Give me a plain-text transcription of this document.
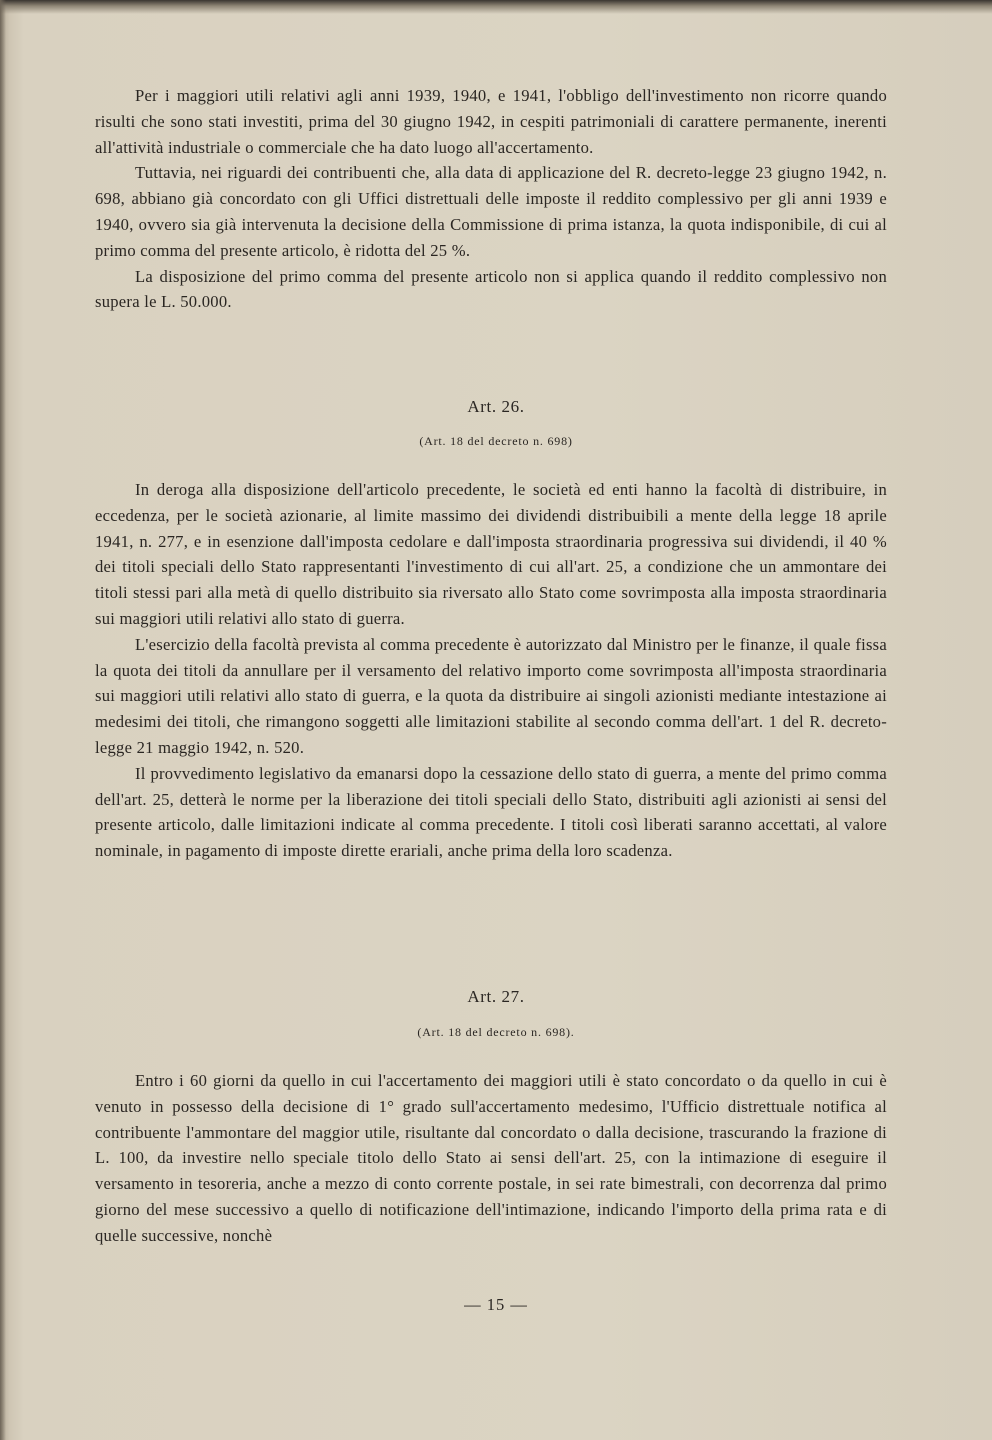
Per i maggiori utili relativi agli anni 1939, 1940, e 1941, l'obbligo dell'investimento non ricorre quando risulti che sono stati investiti, prima del 30 giugno 1942, in cespiti patrimoniali di carattere permanente, inerenti all'attività industriale o commerciale che ha dato luogo all'accertamento.

Tuttavia, nei riguardi dei contribuenti che, alla data di applicazione del R. decreto-legge 23 giugno 1942, n. 698, abbiano già concordato con gli Uffici distrettuali delle imposte il reddito complessivo per gli anni 1939 e 1940, ovvero sia già intervenuta la decisione della Commissione di prima istanza, la quota indisponibile, di cui al primo comma del presente articolo, è ridotta del 25 %.

La disposizione del primo comma del presente articolo non si applica quando il reddito complessivo non supera le L. 50.000.

Art. 26.

(Art. 18 del decreto n. 698)

In deroga alla disposizione dell'articolo precedente, le società ed enti hanno la facoltà di distribuire, in eccedenza, per le società azionarie, al limite massimo dei dividendi distribuibili a mente della legge 18 aprile 1941, n. 277, e in esenzione dall'imposta cedolare e dall'imposta straordinaria progressiva sui dividendi, il 40 % dei titoli speciali dello Stato rappresentanti l'investimento di cui all'art. 25, a condizione che un ammontare dei titoli stessi pari alla metà di quello distribuito sia riversato allo Stato come sovrimposta alla imposta straordinaria sui maggiori utili relativi allo stato di guerra.

L'esercizio della facoltà prevista al comma precedente è autorizzato dal Ministro per le finanze, il quale fissa la quota dei titoli da annullare per il versamento del relativo importo come sovrimposta all'imposta straordinaria sui maggiori utili relativi allo stato di guerra, e la quota da distribuire ai singoli azionisti mediante intestazione ai medesimi dei titoli, che rimangono soggetti alle limitazioni stabilite al secondo comma dell'art. 1 del R. decreto-legge 21 maggio 1942, n. 520.

Il provvedimento legislativo da emanarsi dopo la cessazione dello stato di guerra, a mente del primo comma dell'art. 25, detterà le norme per la liberazione dei titoli speciali dello Stato, distribuiti agli azionisti ai sensi del presente articolo, dalle limitazioni indicate al comma precedente. I titoli così liberati saranno accettati, al valore nominale, in pagamento di imposte dirette erariali, anche prima della loro scadenza.

Art. 27.

(Art. 18 del decreto n. 698).

Entro i 60 giorni da quello in cui l'accertamento dei maggiori utili è stato concordato o da quello in cui è venuto in possesso della decisione di 1° grado sull'accertamento medesimo, l'Ufficio distrettuale notifica al contribuente l'ammontare del maggior utile, risultante dal concordato o dalla decisione, trascurando la frazione di L. 100, da investire nello speciale titolo dello Stato ai sensi dell'art. 25, con la intimazione di eseguire il versamento in tesoreria, anche a mezzo di conto corrente postale, in sei rate bimestrali, con decorrenza dal primo giorno del mese successivo a quello di notificazione dell'intimazione, indicando l'importo della prima rata e di quelle successive, nonchè

— 15 —
